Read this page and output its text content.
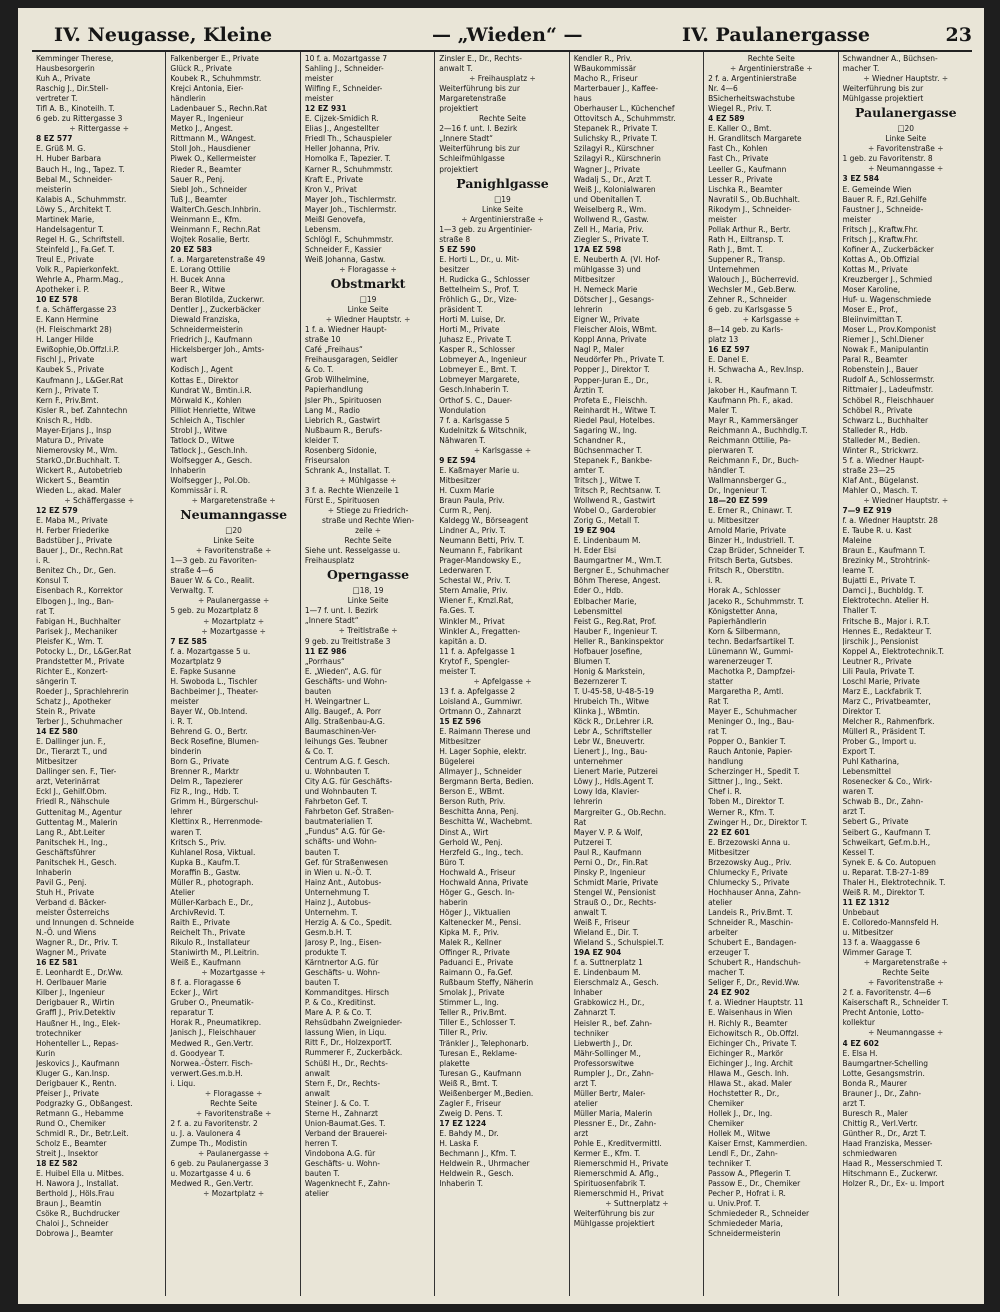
IV. Neugasse, Kleine	— „Wieden“ —	IV. Paulanergasse	23
Kemminger Therese,
Hausbesorgerin
Kuh A., Private
Raschig J., Dir.Stell-
vertreter T.
Tifl A. B., Kinoteilh. T.
6 geb. zu Rittergasse 3
÷ Rittergasse ÷
8 EZ 577
E. Grüß M. G.
H. Huber Barbara
Bauch H., Ing., Tapez. T.
Bebal M., Schneider-
meisterin
Kalabis A., Schuhmmstr.
Löwy S., Architekt T.
Martinek Marie,
Handelsagentur T.
Regel H. G., Schriftstell.
Steinfeld J., Fa.Gef. T.
Treul E., Private
Volk R., Papierkonfekt.
Wehrle A., Pharm.Mag.,
Apotheker i. P.
10 EZ 578
f. a. Schäffergasse 23
E. Kann Hermine
(H. Fleischmarkt 28)
H. Langer Hilde
Ewißophie,Ob.Offzl.i.P.
Fischl J., Private
Kaubek S., Private
Kaufmann J., L&Ger.Rat
Kern J., Private T.
Kern F., Priv.Bmt.
Kisler R., bef. Zahntechn
Knisch R., Hdb.
Mayer-Erjans J., Insp
Matura D., Private
Niemerovsky M., Wm.
StarkO.,Dr.Buchhalt. T.
Wickert R., Autobetrieb
Wickert S., Beamtin
Wieden L., akad. Maler
÷ Schäffergasse ÷
12 EZ 579
E. Maba M., Private
H. Ferber Friederike
Badstüber J., Private
Bauer J., Dr., Rechn.Rat
i. R.
Benitez Ch., Dr., Gen.
Konsul T.
Eisenbach R., Korrektor
Elbogen J., Ing., Ban-
rat T.
Fabigan H., Buchhalter
Parisek J., Mechaniker
Pleisfer K., Wm. T.
Potocky L., Dr., L&Ger.Rat
Prandstetter M., Private
Richter E., Konzert-
sängerin T.
Roeder J., Sprachlehrerin
Schatz J., Apotheker
Stein R., Private
Terber J., Schuhmacher
14 EZ 580
E. Dallinger jun. F.,
Dr., Tierarzt T., und
Mitbesitzer
Dallinger sen. F., Tier-
arzt, Veterinärrat
Eckl J., Gehilf.Obm.
Friedl R., Nähschule
Guttenitag M., Agentur
Guttentag M., Malerin
Lang R., Abt.Leiter
Panitschek H., Ing.,
Geschäftsführer
Panitschek H., Gesch.
Inhaberin
Pavil G., Penj.
Stuh H., Private
Verband d. Bäcker-
meister Österreichs
und Innungen d. Schneide
N.-Ö. und Wiens
Wagner R., Dr., Priv. T.
Wagner M., Private
16 EZ 581
E. Leonhardt E., Dr.Ww.
H. Oerlbauer Marie
Kilber J., Ingenieur
Derigbauer R., Wirtin
Graffl J., Priv.Detektiv
Haußner H., Ing., Elek-
trotechniker
Hohenteller L., Repas-
Kurin
Jeskovics J., Kaufmann
Kluger G., Kan.Insp.
Derigbauer K., Rentn.
Pfeiser J., Private
Podgrazky G., Obßangest.
Retmann G., Hebamme
Rund O., Chemiker
Schmidl R., Dr., Betr.Leit.
Scholz E., Beamter
Streit J., Insektor
18 EZ 582
E. Huibel Ella u. Mitbes.
H. Nawora J., Installat.
Berthold J., Höls.Frau
Braun J., Beamtin
Csöke R., Buchdrucker
Chaloi J., Schneider
Dobrowa J., Beamter
Falkenberger E., Private
Glück R., Private
Koubek R., Schuhmmstr.
Krejci Antonia, Eier-
händlerin
Ladenbauer S., Rechn.Rat
Mayer R., Ingenieur
Metko J., Angest.
Rittmann M., WAngest.
Stoll Joh., Hausdiener
Piwek O., Kellermeister
Rieder R., Beamter
Sauer R., Penj.
Siebl Joh., Schneider
Tuß J., Beamter
WalterCh.Gesch.Inhbrin.
Weinmann E., Kfm.
Weinmann F., Rechn.Rat
Wojtek Rosalie, Bertr.
20 EZ 583
f. a. Margaretenstraße 49
E. Lorang Ottilie
H. Bucek Anna
Beer R., Witwe
Beran Blotilda, Zuckerwr.
Dentler J., Zuckerbäcker
Diewald Franziska,
Schneidermeisterin
Friedrich J., Kaufmann
Hickelsberger Joh., Amts-
wart
Kodisch J., Agent
Kottas E., Direktor
Kundrat W., Bmtin.i.R.
Mörwald K., Kohlen
Pilliot Henriette, Witwe
Schleich A., Tischler
Strobl J., Witwe
Tatlock D., Witwe
Tatlock J., Gesch.Inh.
Wolfsegger A., Gesch.
Inhaberin
Wolfsegger J., Pol.Ob.
Kommissär i. R.
÷ Margaretenstraße ÷
Neumanngasse
□ 20
Linke Seite
÷ Favoritenstraße ÷
1—3 geb. zu Favoriten-
straße 4—6
Bauer W. & Co., Realit.
Verwaltg. T.
÷ Paulanergasse ÷
5 geb. zu Mozartplatz 8
÷ Mozartplatz ÷
÷ Mozartgasse ÷
7 EZ 585
f. a. Mozartgasse 5 u.
Mozartplatz 9
E. Fapke Susanne
H. Swoboda L., Tischler
Bachbeimer J., Theater-
meister
Bayer W., Ob.Intend.
i. R. T.
Behrend G. O., Bertr.
Beck Rosefine, Blumen-
binderin
Born G., Private
Brenner R., Marktr
Delm R., Tapezierer
Fiz R., Ing., Hdb. T.
Grimm H., Bürgerschul-
lehrer
Klettinx R., Herrenmode-
waren T.
Kritsch S., Priv.
Kuhlanel Rosa, Viktual.
Kupka B., Kaufm.T.
Moraffin B., Gastw.
Müller R., photograph.
Atelier
Müller-Karbach E., Dr.,
ArchivRevid. T.
Raith E., Private
Reichelt Th., Private
Rikulo R., Installateur
Staniwirth M., Pl.Leitrin.
Weiß E., Kaufmann
÷ Mozartgasse ÷
8 f. a. Floragasse 6
Ecker J., Wirt
Gruber O., Pneumatik-
reparatur T.
Horak R., Pneumatikrep.
Janisch J., Fleischhauer
Medwed R., Gen.Vertr.
d. Goodyear T.
Norwea.-Österr. Fisch-
verwert.Ges.m.b.H.
i. Liqu.
÷ Floragasse ÷
Rechte Seite
÷ Favoritenstraße ÷
2 f. a. zu Favoritenstr. 2
u. J. a. Vaulonera 4
Zumpe Th., Modistin
÷ Paulanergasse ÷
6 geb. zu Paulanergasse 3
u. Mozartgasse 4 u. 6
Medwed R., Gen.Vertr.
÷ Mozartplatz ÷
10 f. a. Mozartgasse 7
Sahling J., Schneider-
meister
Wilfing F., Schneider-
meister
12 EZ 931
E. Cijzek-Smidich R.
Elias J., Angestellter
Friedl Th., Schauspieler
Heller Johanna, Priv.
Homolka F., Tapezier. T.
Karner R., Schuhmmstr.
Kraft E., Private
Kron V., Privat
Mayer Joh., Tischlermstr.
Mayer Joh., Tischlermstr.
Meißl Genovefa,
Lebensm.
Schlögl F., Schuhmmstr.
Schneider F., Kassier
Weiß Johanna, Gastw.
÷ Floragasse ÷
Obstmarkt
□ 19
Linke Seite
÷ Wiedner Hauptstr. ÷
1 f. a. Wiedner Haupt-
straße 10
Café „Freihaus“
Freihausgaragen, Seidler
& Co. T.
Grob Wilhelmine,
Papierhandlung
Jsler Ph., Spirituosen
Lang M., Radio
Liebrich R., Gastwirt
Nußbaum R., Berufs-
kleider T.
Rosenberg Sidonie,
Friseursalon
Schrank A., Installat. T.
÷ Mühlgasse ÷
3 f. a. Rechte Wienzeile 1
Fürst E., Spirituosen
÷ Stiege zu Friedrich-
straße und Rechte Wien-
zeile ÷
Rechte Seite
Siehe unt. Resselgasse u.
Freihausplatz
Operngasse
□ 18, 19
Linke Seite
1—7 f. unt. I. Bezirk
„Innere Stadt“
÷ Treitlstraße ÷
9 geb. zu Treitlstraße 3
11 EZ 986
„Porrhaus“
E. „Wieden“, A.G. für
Geschäfts- und Wohn-
bauten
H. Weingartner L.
Allg. Baugef., A. Porr
Allg. Straßenbau-A.G.
Baumaschinen-Ver-
leihungs Ges. Teubner
& Co. T.
Centrum A.G. f. Gesch.
u. Wohnbauten T.
City A.G. für Geschäfts-
und Wohnbauten T.
Fahrbeton Gef. T.
Fahrbeton Gef. Straßen-
bautmaterialien T.
„Fundus“ A.G. für Ge-
schäfts- und Wohn-
bauten T.
Gef. für Straßenwesen
in Wien u. N.-Ö. T.
Hainz Ant., Autobus-
Unternehmung T.
Hainz J., Autobus-
Unternehm. T.
Herzig A. & Co., Spedit.
Gesm.b.H. T.
Jarosy P., Ing., Eisen-
produkte T.
Kärntnertor A.G. für
Geschäfts- u. Wohn-
bauten T.
Kommanditges. Hirsch
P. & Co., Kreditinst.
Mare A. P. & Co. T.
Rehsüdbahn Zweignieder-
lassung Wien, in Liqu.
Ritt F., Dr., HolzexportT.
Rummerer F., Zuckerbäck.
Schüßl H., Dr., Rechts-
anwalt
Stern F., Dr., Rechts-
anwalt
Steiner J. & Co. T.
Sterne H., Zahnarzt
Union-Baumat.Ges. T.
Verband der Brauerei-
herren T.
Vindobona A.G. für
Geschäfts- u. Wohn-
bauten T.
Wagenknecht F., Zahn-
atelier
Zinsler E., Dr., Rechts-
anwalt T.
÷ Freihausplatz ÷
Weiterführung bis zur
Margaretenstraße
projektiert
Rechte Seite
2—16 f. unt. I. Bezirk
„Innere Stadt“
Weiterführung bis zur
Schleifmühlgasse
projektiert
Panighlgasse
□ 19
Linke Seite
÷ Argentinierstraße ÷
1—3 geb. zu Argentinier-
straße 8
5 EZ 590
E. Horti L., Dr., u. Mit-
besitzer
H. Rudicka G., Schlosser
Bettelheim S., Prof. T.
Fröhlich G., Dr., Vize-
präsident T.
Horti M. Luise, Dr.
Horti M., Private
Juhasz E., Private T.
Kasper R., Schlosser
Lobmeyer A., Ingenieur
Lobmeyer E., Bmt. T.
Lobmeyer Margarete,
Gesch.Inhaberin T.
Orthof S. C., Dauer-
Wondulation
7 f. a. Karlsgasse 5
Kudelnitzk & Witschnik,
Nähwaren T.
÷ Karlsgasse ÷
9 EZ 594
E. Kaßmayer Marie u.
Mitbesitzer
H. Cuxm Marie
Braun Paula, Priv.
Curm R., Penj.
Kaldegg W., Börseagent
Lindner A., Priv. T.
Neumann Betti, Priv. T.
Neumann F., Fabrikant
Prager-Mandowsky E.,
Lederwaren T.
Schestal W., Priv. T.
Stern Amalie, Priv.
Wiener F., Kmzl.Rat,
Fa.Ges. T.
Winkler M., Privat
Winkler A., Fregatten-
kapitän a. D.
11 f. a. Apfelgasse 1
Krytof F., Spengler-
meister T.
÷ Apfelgasse ÷
13 f. a. Apfelgasse 2
Loisland A., Gummiwr.
Ortmann O., Zahnarzt
15 EZ 596
E. Raimann Therese und
Mitbesitzer
H. Lager Sophie, elektr.
Bügelerei
Allmayer J., Schneider
Bergmann Berta, Bedien.
Berson E., WBmt.
Berson Ruth, Priv.
Beschitta Anna, Penj.
Beschitta W., Wachebmt.
Dinst A., Wirt
Gerhold W., Penj.
Herzfeld G., Ing., tech.
Büro T.
Hochwald A., Friseur
Hochwald Anna, Private
Höger G., Gesch. In-
haberin
Höger J., Viktualien
Kaltenecker M., Pensi.
Kipka M. F., Priv.
Malek R., Kellner
Offinger R., Private
Paduanci E., Private
Raimann O., Fa.Gef.
Rußbaum Steffy, Näherin
Smolak J., Private
Stimmer L., Ing.
Teller R., Priv.Bmt.
Tiller E., Schlosser T.
Tiller R., Priv.
Tränkler J., Telephonarb.
Turesan E., Reklame-
plakette
Turesan G., Kaufmann
Weiß R., Bmt. T.
Weißenberger M.,Bedien.
Zagler F., Friseur
Zweig D. Pens. T.
17 EZ 1224
E. Bahdy M., Dr.
H. Laska F.
Bechmann J., Kfm. T.
Heldwein R., Uhrmacher
Heldwein R., Gesch.
Inhaberin T.
Kendler R., Priv.
WBaukommissär
Macho R., Friseur
Marterbauer J., Kaffee-
haus
Oberhauser L., Küchenchef
Ottovitsch A., Schuhmmstr.
Stepanek R., Private T.
Sulichsky R., Private T.
Szilagyi R., Kürschner
Szilagyi R., Kürschnerin
Wagner J., Private
Wadalj S., Dr., Arzt T.
Weiß J., Kolonialwaren
und Obenitallen T.
Weiselberg R., Wm.
Wollwend R., Gastw.
Zell H., Maria, Priv.
Ziegler S., Private T.
17A EZ 598
E. Neuberth A. (VI. Hof-
mühlgasse 3) und
Mitbesitzer
H. Nemeck Marie
Dötscher J., Gesangs-
lehrerin
Eigner W., Private
Fleischer Alois, WBmt.
Koppl Anna, Private
Nagl P., Maler
Neudörfer Ph., Private T.
Popper J., Direktor T.
Popper-Juran E., Dr.,
Ärztin T.
Profeta E., Fleischh.
Reinhardt H., Witwe T.
Riedel Paul, Hotelbes.
Sagaring W., Ing.
Schandner R.,
Büchsenmacher T.
Stepanek F., Bankbe-
amter T.
Tritsch J., Witwe T.
Tritsch P., Rechtsanw. T.
Wollwend R., Gastwirt
Wobel O., Garderobier
Zorig G., Metall T.
19 EZ 904
E. Lindenbaum M.
H. Eder Elsi
Baumgartner M., Wm.T.
Bergner E., Schuhmacher
Böhm Therese, Angest.
Eder O., Hdb.
Eblbacher Marie,
Lebensmittel
Feist G., Reg.Rat, Prof.
Hauber F., Ingenieur T.
Heller R., Bankinspektor
Hofbauer Josefine,
Blumen T.
Honig & Markstein,
Bezernzerer T.
T. U-45-58, U-48-5-19
Hrubeich Th., Witwe
Klinka J., WBmtin.
Köck R., Dr.Lehrer i.R.
Lebr A., Schriftsteller
Lebr W., Bneuvertr.
Lienert J., Ing., Bau-
unternehmer
Lienert Marie, Putzerei
Löwy J., Hdls.Agent T.
Lowy Ida, Klavier-
lehrerin
Margreiter G., Ob.Rechn.
Rat
Mayer V. P. & Wolf,
Putzerei T.
Paul R., Kaufmann
Perni O., Dr., Fin.Rat
Pinsky P., Ingenieur
Schmidt Marie, Private
Stengel W., Pensionist
Strauß O., Dr., Rechts-
anwalt T.
Weiß F., Friseur
Wieland E., Dir. T.
Wieland S., Schulspiel.T.
19A EZ 904
f. a. Suttnerplatz 1
E. Lindenbaum M.
Eierschmalz A., Gesch.
Inhaber
Grabkowicz H., Dr.,
Zahnarzt T.
Heisler R., bef. Zahn-
techniker
Liebwerth J., Dr.
Mähr-Sollinger M.,
Professorswitwe
Rumpler J., Dr., Zahn-
arzt T.
Müller Bertr, Maler-
atelier
Müller Maria, Malerin
Plessner E., Dr., Zahn-
arzt
Pohle E., Kreditvermittl.
Kermer E., Kfm. T.
Riemerschmid H., Private
Riemerschmid A. Aflg.,
Spirituosenfabrik T.
Riemerschmid H., Privat
÷ Suttnerplatz ÷
Weiterführung bis zur
Mühlgasse projektiert
Rechte Seite
÷ Argentinierstraße ÷
2 f. a. Argentinierstraße
Nr. 4—6
BSicherheitswachstube
Wiegel R., Priv. T.
4 EZ 589
E. Kaller O., Bmt.
H. Grandlitsch Margarete
Fast Ch., Kohlen
Fast Ch., Private
Leeller G., Kaufmann
Lesser R., Private
Lischka R., Beamter
Navratil S., Ob.Buchhalt.
Rikodym J., Schneider-
meister
Pollak Arthur R., Bertr.
Rath H., Eiltransp. T.
Rath J., Bmt. T.
Suppener R., Transp.
Unternehmen
Walouch J., Bücherrevid.
Wechsler M., Geb.Berw.
Zehner R., Schneider
6 geb. zu Karlsgasse 5
÷ Karlsgasse ÷
8—14 geb. zu Karls-
platz 13
16 EZ 597
E. Danel E.
H. Schwacha A., Rev.Insp.
i. R.
Jakober H., Kaufmann T.
Kaufmann Ph. F., akad.
Maler T.
Mayr R., Kammersänger
Reichmann A., Buchhdlg.T.
Reichmann Ottilie, Pa-
pierwaren T.
Reichmann F., Dr., Buch-
händler T.
Wallmannsberger G.,
Dr., Ingenieur T.
18—20 EZ 599
E. Erner R., Chinawr. T.
u. Mitbesitzer
Arnold Marie, Private
Binzer H., Industriell. T.
Czap Brüder, Schneider T.
Fritsch Berta, Gutsbes.
Fritsch R., Oberstltn.
i. R.
Horak A., Schlosser
Jaceko R., Schuhmmstr. T.
Königstetter Anna,
Papierhändlerin
Korn & Silbermann,
techn. Bedarfsartikel T.
Lünemann W., Gummi-
warenerzeuger T.
Machotka P., Dampfzei-
statter
Margaretha P., Amtl.
Rat T.
Mayer E., Schuhmacher
Meninger O., Ing., Bau-
rat T.
Popper O., Bankier T.
Rauch Antonie, Papier-
handlung
Scherzinger H., Spedit T.
Sittner J., Ing., Sekt.
Chef i. R.
Toben M., Direktor T.
Werner R., Kfm. T.
Zwinger H., Dr., Direktor T.
22 EZ 601
E. Brzezowski Anna u.
Mitbesitzer
Brzezowsky Aug., Priv.
Chlumecky F., Private
Chlumecky S., Private
Hochhauser Anna, Zahn-
atelier
Landeis R., Priv.Bmt. T.
Schneider R., Maschin-
arbeiter
Schubert E., Bandagen-
erzeuger T.
Schubert R., Handschuh-
macher T.
Seliger F., Dr., Revid.Ww.
24 EZ 902
f. a. Wiedner Hauptstr. 11
E. Waisenhaus in Wien
H. Richly R., Beamter
Eichowitsch R., Ob.Offzl.
Eichinger Ch., Private T.
Eichinger R., Markör
Eichinger J., Ing. Archit
Hlawa M., Gesch. Inh.
Hlawa St., akad. Maler
Hochstetter R., Dr.,
Chemiker
Hollek J., Dr., Ing.
Chemiker
Hollek M., Witwe
Kaiser Ernst, Kammerdien.
Lendl F., Dr., Zahn-
techniker T.
Passow A., Pflegerin T.
Passow E., Dr., Chemiker
Pecher P., Hofrat i. R.
u. Univ.Prof. T.
Schmiededer R., Schneider
Schmiededer Maria,
Schneidermeisterin
Schwandner A., Büchsen-
macher T.
÷ Wiedner Hauptstr. ÷
Weiterführung bis zur
Mühlgasse projektiert
Paulanergasse
□ 20
Linke Seite
÷ Favoritenstraße ÷
1 geb. zu Favoritenstr. 8
÷ Neumanngasse ÷
3 EZ 584
E. Gemeinde Wien
Bauer R. F., Rzl.Gehilfe
Faustner J., Schneide-
meister
Fritsch J., Kraftw.Fhr.
Fritsch J., Kraftw.Fhr.
Kofiner A., Zuckerbäcker
Kottas A., Ob.Offizial
Kottas M., Private
Kreuzberger J., Schmied
Moser Karoline,
Huf- u. Wagenschmiede
Moser E., Prof.,
Bleiinvimittan T.
Moser L., Prov.Komponist
Riemer J., Schl.Diener
Nowak F., Manipulantin
Paral R., Beamter
Robenstein J., Bauer
Rudolf A., Schlossermstr.
Rittmaier J., Ladeufmstr.
Schöbel R., Fleischhauer
Schöbel R., Private
Schwarz L., Buchhalter
Stalleder R., Hdb.
Stalleder M., Bedien.
Winter R., Strickwrz.
5 f. a. Wiedner Haupt-
straße 23—25
Klaf Ant., Bügelanst.
Mahler O., Masch. T.
÷ Wiedner Hauptstr. ÷
7—9 EZ 919
f. a. Wiedner Hauptstr. 28
E. Taube R. u. Kast
Maleine
Braun E., Kaufmann T.
Brezinky M., Strohtrink-
leame T.
Bujatti E., Private T.
Damci J., Buchbldg. T.
Elektrotechn. Atelier H.
Thaller T.
Fritsche B., Major i. R.T.
Hennes E., Redakteur T.
Jirschik J., Pensionist
Koppel A., Elektrotechnik.T.
Leutner R., Private
Lili Paula, Private T.
Loschl Marie, Private
Marz E., Lackfabrik T.
Marz C., Privatbeamter,
Direktor T.
Melcher R., Rahmenfbrk.
Müllerl R., Präsident T.
Prober G., Import u.
Export T.
Puhl Katharina,
Lebensmittel
Rosenecker & Co., Wirk-
waren T.
Schwab B., Dr., Zahn-
arzt T.
Sebert G., Private
Seibert G., Kaufmann T.
Schweikart, Gef.m.b.H.,
Kessel T.
Synek E. & Co. Autopuen
u. Reparat. T.B-27-1-89
Thaler H., Elektrotechnik. T.
Weiß R. M., Direktor T.
11 EZ 1312
Unbebaut
E. Colloredo-Mannsfeld H.
u. Mitbesitzer
13 f. a. Waaggasse 6
Wimmer Garage T.
÷ Margaretenstraße ÷
Rechte Seite
÷ Favoritenstraße ÷
2 f. a. Favoritenstr. 4—6
Kaiserschaft R., Schneider T.
Precht Antonie, Lotto-
kollektur
÷ Neumanngasse ÷
4 EZ 602
E. Elsa H.
Baumgartner-Schelling
Lotte, Gesangsmstrin.
Bonda R., Maurer
Brauner J., Dr., Zahn-
arzt T.
Buresch R., Maler
Chittig R., Verl.Vertr.
Günther R., Dr., Arzt T.
Haad Franziska, Messer-
schmiedwaren
Haad R., Messerschmied T.
Hitschmann E., Zuckerwr.
Holzer R., Dr., Ex- u. Import
